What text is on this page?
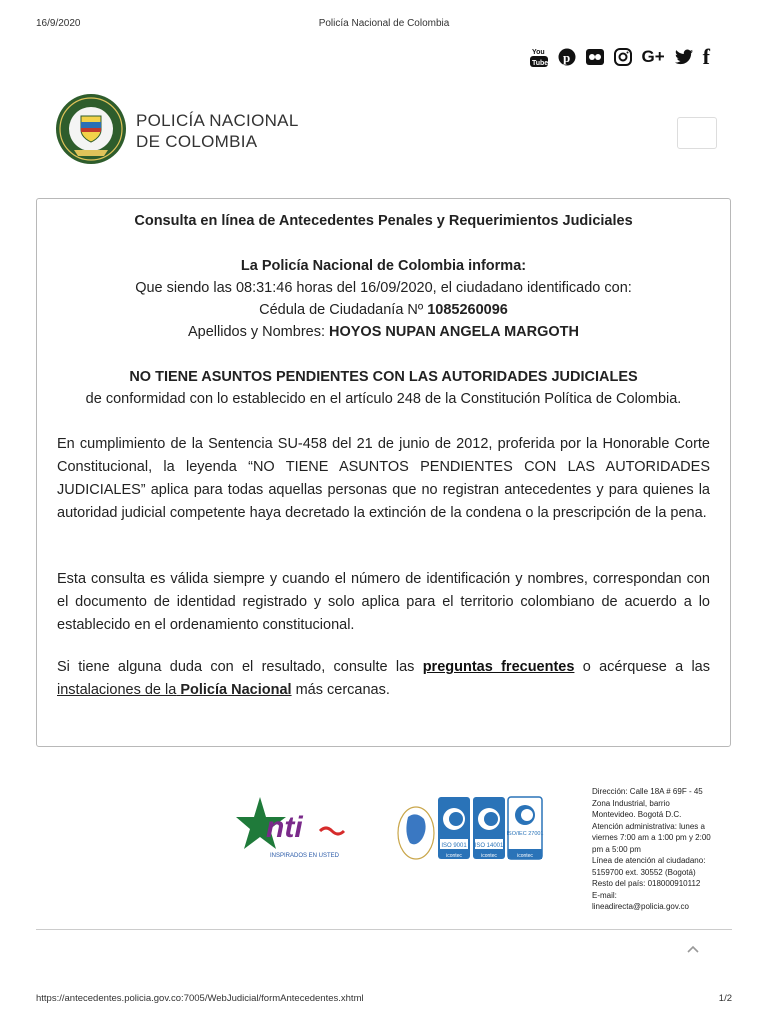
16/9/2020	Policía Nacional de Colombia
You
Tube p	G+ f
POLICÍA NACIONAL
DE COLOMBIA
Consulta en línea de Antecedentes Penales y Requerimientos Judiciales
La Policía Nacional de Colombia informa:
Que siendo las 08:31:46 horas del 16/09/2020, el ciudadano identificado con:
Cédula de Ciudadanía Nº 1085260096
Apellidos y Nombres: HOYOS NUPAN ANGELA MARGOTH
NO TIENE ASUNTOS PENDIENTES CON LAS AUTORIDADES JUDICIALES
de conformidad con lo establecido en el artículo 248 de la Constitución Política de Colombia.
En cumplimiento de la Sentencia SU-458 del 21 de junio de 2012, proferida por la Honorable Corte Constitucional, la leyenda “NO TIENE ASUNTOS PENDIENTES CON LAS AUTORIDADES JUDICIALES” aplica para todas aquellas personas que no registran antecedentes y para quienes la autoridad judicial competente haya decretado la extinción de la condena o la prescripción de la pena.
Esta consulta es válida siempre y cuando el número de identificación y nombres, correspondan con el documento de identidad registrado y solo aplica para el territorio colombiano de acuerdo a lo establecido en el ordenamiento constitucional.
Si tiene alguna duda con el resultado, consulte las preguntas frecuentes o acérquese a las instalaciones de la Policía Nacional más cercanas.
nti
INSPIRADOS EN USTED
ISO 9001
icontec
ISO 14001
icontec
ISO/IEC 27001
icontec
Dirección: Calle 18A # 69F - 45
Zona Industrial, barrio
Montevideo. Bogotá D.C.
Atención administrativa: lunes a
viernes 7:00 am a 1:00 pm y 2:00
pm a 5:00 pm
Línea de atención al ciudadano:
5159700 ext. 30552 (Bogotá)
Resto del país: 018000910112
E-mail:
lineadirecta@policia.gov.co
https://antecedentes.policia.gov.co:7005/WebJudicial/formAntecedentes.xhtml	1/2
